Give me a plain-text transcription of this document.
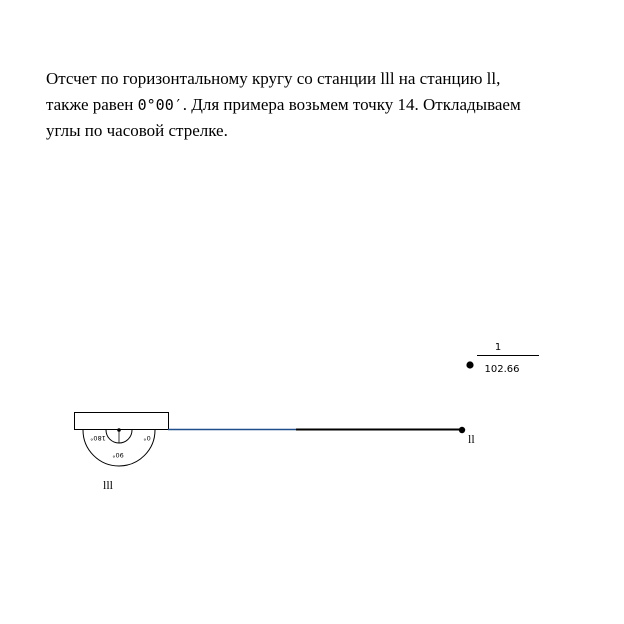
Отсчет по горизонтальному кругу со станции lll на станцию ll,
также равен 0°00′. Для примера возьмем точку 14. Откладываем
углы по часовой стрелке.
1
102.66
ll
180°	0°
90°
lll
